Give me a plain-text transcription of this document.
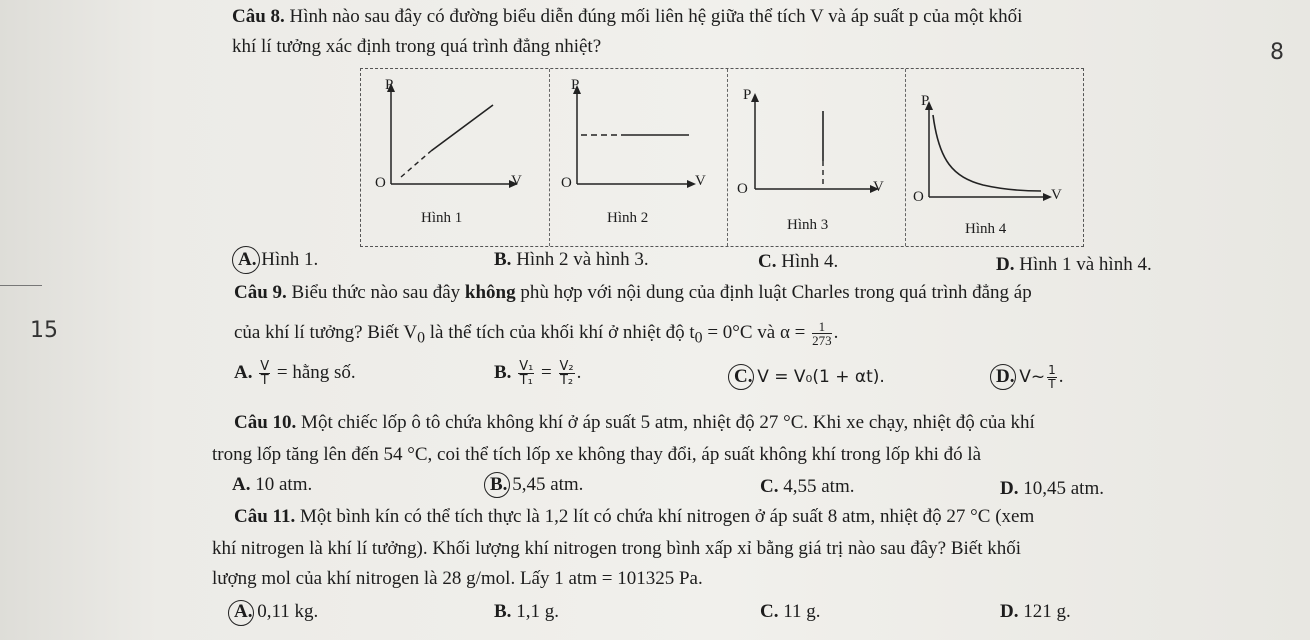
Câu 8. Hình nào sau đây có đường biểu diễn đúng mối liên hệ giữa thể tích V và áp suất p của một khối
khí lí tưởng xác định trong quá trình đẳng nhiệt?
P
V
O
Hình 1
P
V
O
Hình 2
P
V
O
Hình 3
P
V
O
Hình 4
A. Hình 1.	B. Hình 2 và hình 3.	C. Hình 4.	D. Hình 1 và hình 4.
Câu 9. Biểu thức nào sau đây không phù hợp với nội dung của định luật Charles trong quá trình đẳng áp
của khí lí tưởng? Biết $V_0$ là thể tích của khối khí ở nhiệt độ $t_0 = 0^\circ C$ và $\alpha = \frac{1}{273}$ .
A. $\frac{V}{T}$ = hằng số.	B. $\frac{\text{V₁}}{\text{T₁}} = \frac{\text{V₂}}{\text{T₂}}$ .	C. V = V₀(1 + αt).	D. V~ $\frac{1}{T}$ .
Câu 10. Một chiếc lốp ô tô chứa không khí ở áp suất 5 atm, nhiệt độ 27 °C. Khi xe chạy, nhiệt độ của khí
trong lốp tăng lên đến 54 °C, coi thể tích lốp xe không thay đổi, áp suất không khí trong lốp khi đó là
A. 10 atm.	B. 5,45 atm.	C. 4,55 atm.	D. 10,45 atm.
Câu 11. Một bình kín có thể tích thực là 1,2 lít có chứa khí nitrogen ở áp suất 8 atm, nhiệt độ 27 °C (xem
khí nitrogen là khí lí tưởng). Khối lượng khí nitrogen trong bình xấp xỉ bằng giá trị nào sau đây? Biết khối
lượng mol của khí nitrogen là 28 g/mol. Lấy 1 atm = 101325 Pa.
A. 0,11 kg.	B. 1,1 g.	C. 11 g.	D. 121 g.
15
8
